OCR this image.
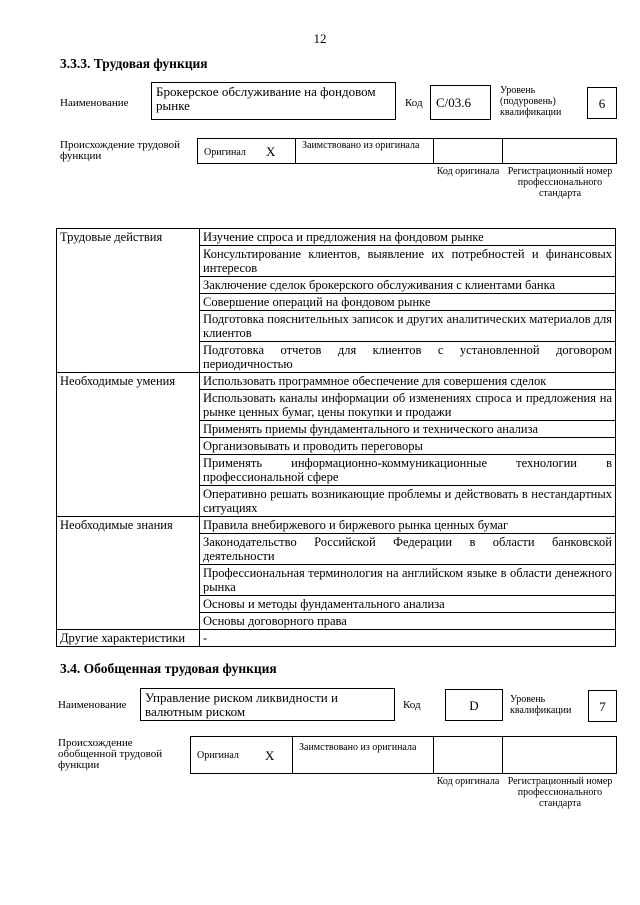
12
3.3.3. Трудовая функция
Наименование
Брокерское обслуживание на фондовом рынке	Код	C/03.6
Уровень (подуровень) квалификации
6
Происхождение трудовой функции	Оригинал X	Заимствовано из оригинала
Код оригинала Регистрационный номер профессионального стандарта
Трудовые действия	Изучение спроса и предложения на фондовом рынке
	Консультирование клиентов, выявление их потребностей и финансовых интересов
	Заключение сделок брокерского обслуживания с клиентами банка
	Совершение операций на фондовом рынке
	Подготовка пояснительных записок и других аналитических материалов для клиентов
	Подготовка отчетов для клиентов с установленной договором периодичностью
Необходимые умения	Использовать программное обеспечение для совершения сделок
	Использовать каналы информации об изменениях спроса и предложения на рынке ценных бумаг, цены покупки и продажи
	Применять приемы фундаментального и технического анализа
	Организовывать и проводить переговоры
	Применять информационно-коммуникационные технологии в профессиональной сфере
	Оперативно решать возникающие проблемы и действовать в нестандартных ситуациях
Необходимые знания	Правила внебиржевого и биржевого рынка ценных бумаг
	Законодательство Российской Федерации в области банковской деятельности
	Профессиональная терминология на английском языке в области денежного рынка
	Основы и методы фундаментального анализа
	Основы договорного права
Другие характеристики	-
3.4. Обобщенная трудовая функция
Наименование	Управление риском ликвидности и валютным риском	Код	D	Уровень квалификации	7
Происхождение обобщенной трудовой функции
Оригинал X
Заимствовано из оригинала
Код оригинала Регистрационный номер профессионального стандарта
